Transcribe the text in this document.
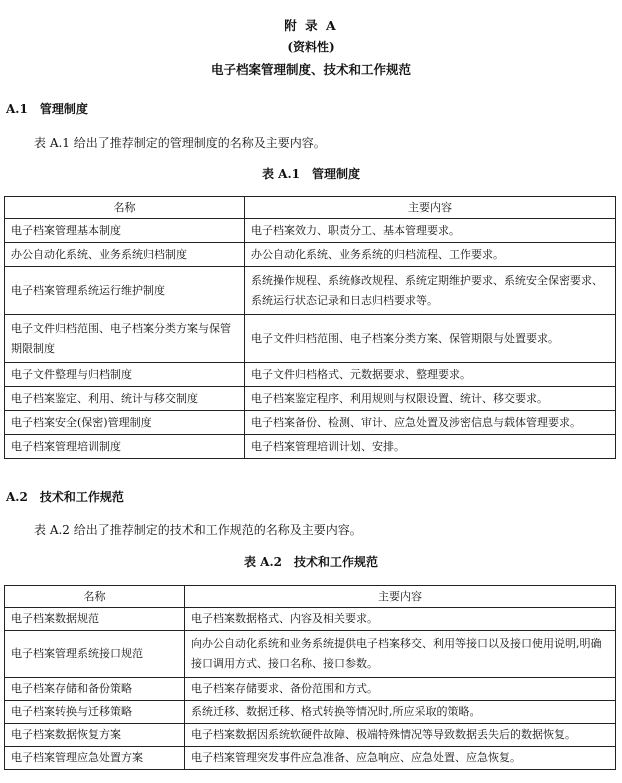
附 录 A
(资料性)
电子档案管理制度、技术和工作规范
A.1　管理制度
表 A.1 给出了推荐制定的管理制度的名称及主要内容。
表 A.1　管理制度
名称	主要内容
电子档案管理基本制度	电子档案效力、职责分工、基本管理要求。
办公自动化系统、业务系统归档制度	办公自动化系统、业务系统的归档流程、工作要求。
电子档案管理系统运行维护制度	系统操作规程、系统修改规程、系统定期维护要求、系统安全保密要求、系统运行状态记录和日志归档要求等。
电子文件归档范围、电子档案分类方案与保管期限制度	电子文件归档范围、电子档案分类方案、保管期限与处置要求。
电子文件整理与归档制度	电子文件归档格式、元数据要求、整理要求。
电子档案鉴定、利用、统计与移交制度	电子档案鉴定程序、利用规则与权限设置、统计、移交要求。
电子档案安全(保密)管理制度	电子档案备份、检测、审计、应急处置及涉密信息与载体管理要求。
电子档案管理培训制度	电子档案管理培训计划、安排。
A.2　技术和工作规范
表 A.2 给出了推荐制定的技术和工作规范的名称及主要内容。
表 A.2　技术和工作规范
名称	主要内容
电子档案数据规范	电子档案数据格式、内容及相关要求。
电子档案管理系统接口规范	向办公自动化系统和业务系统提供电子档案移交、利用等接口以及接口使用说明,明确接口调用方式、接口名称、接口参数。
电子档案存储和备份策略	电子档案存储要求、备份范围和方式。
电子档案转换与迁移策略	系统迁移、数据迁移、格式转换等情况时,所应采取的策略。
电子档案数据恢复方案	电子档案数据因系统软硬件故障、极端特殊情况等导致数据丢失后的数据恢复。
电子档案管理应急处置方案	电子档案管理突发事件应急准备、应急响应、应急处置、应急恢复。
